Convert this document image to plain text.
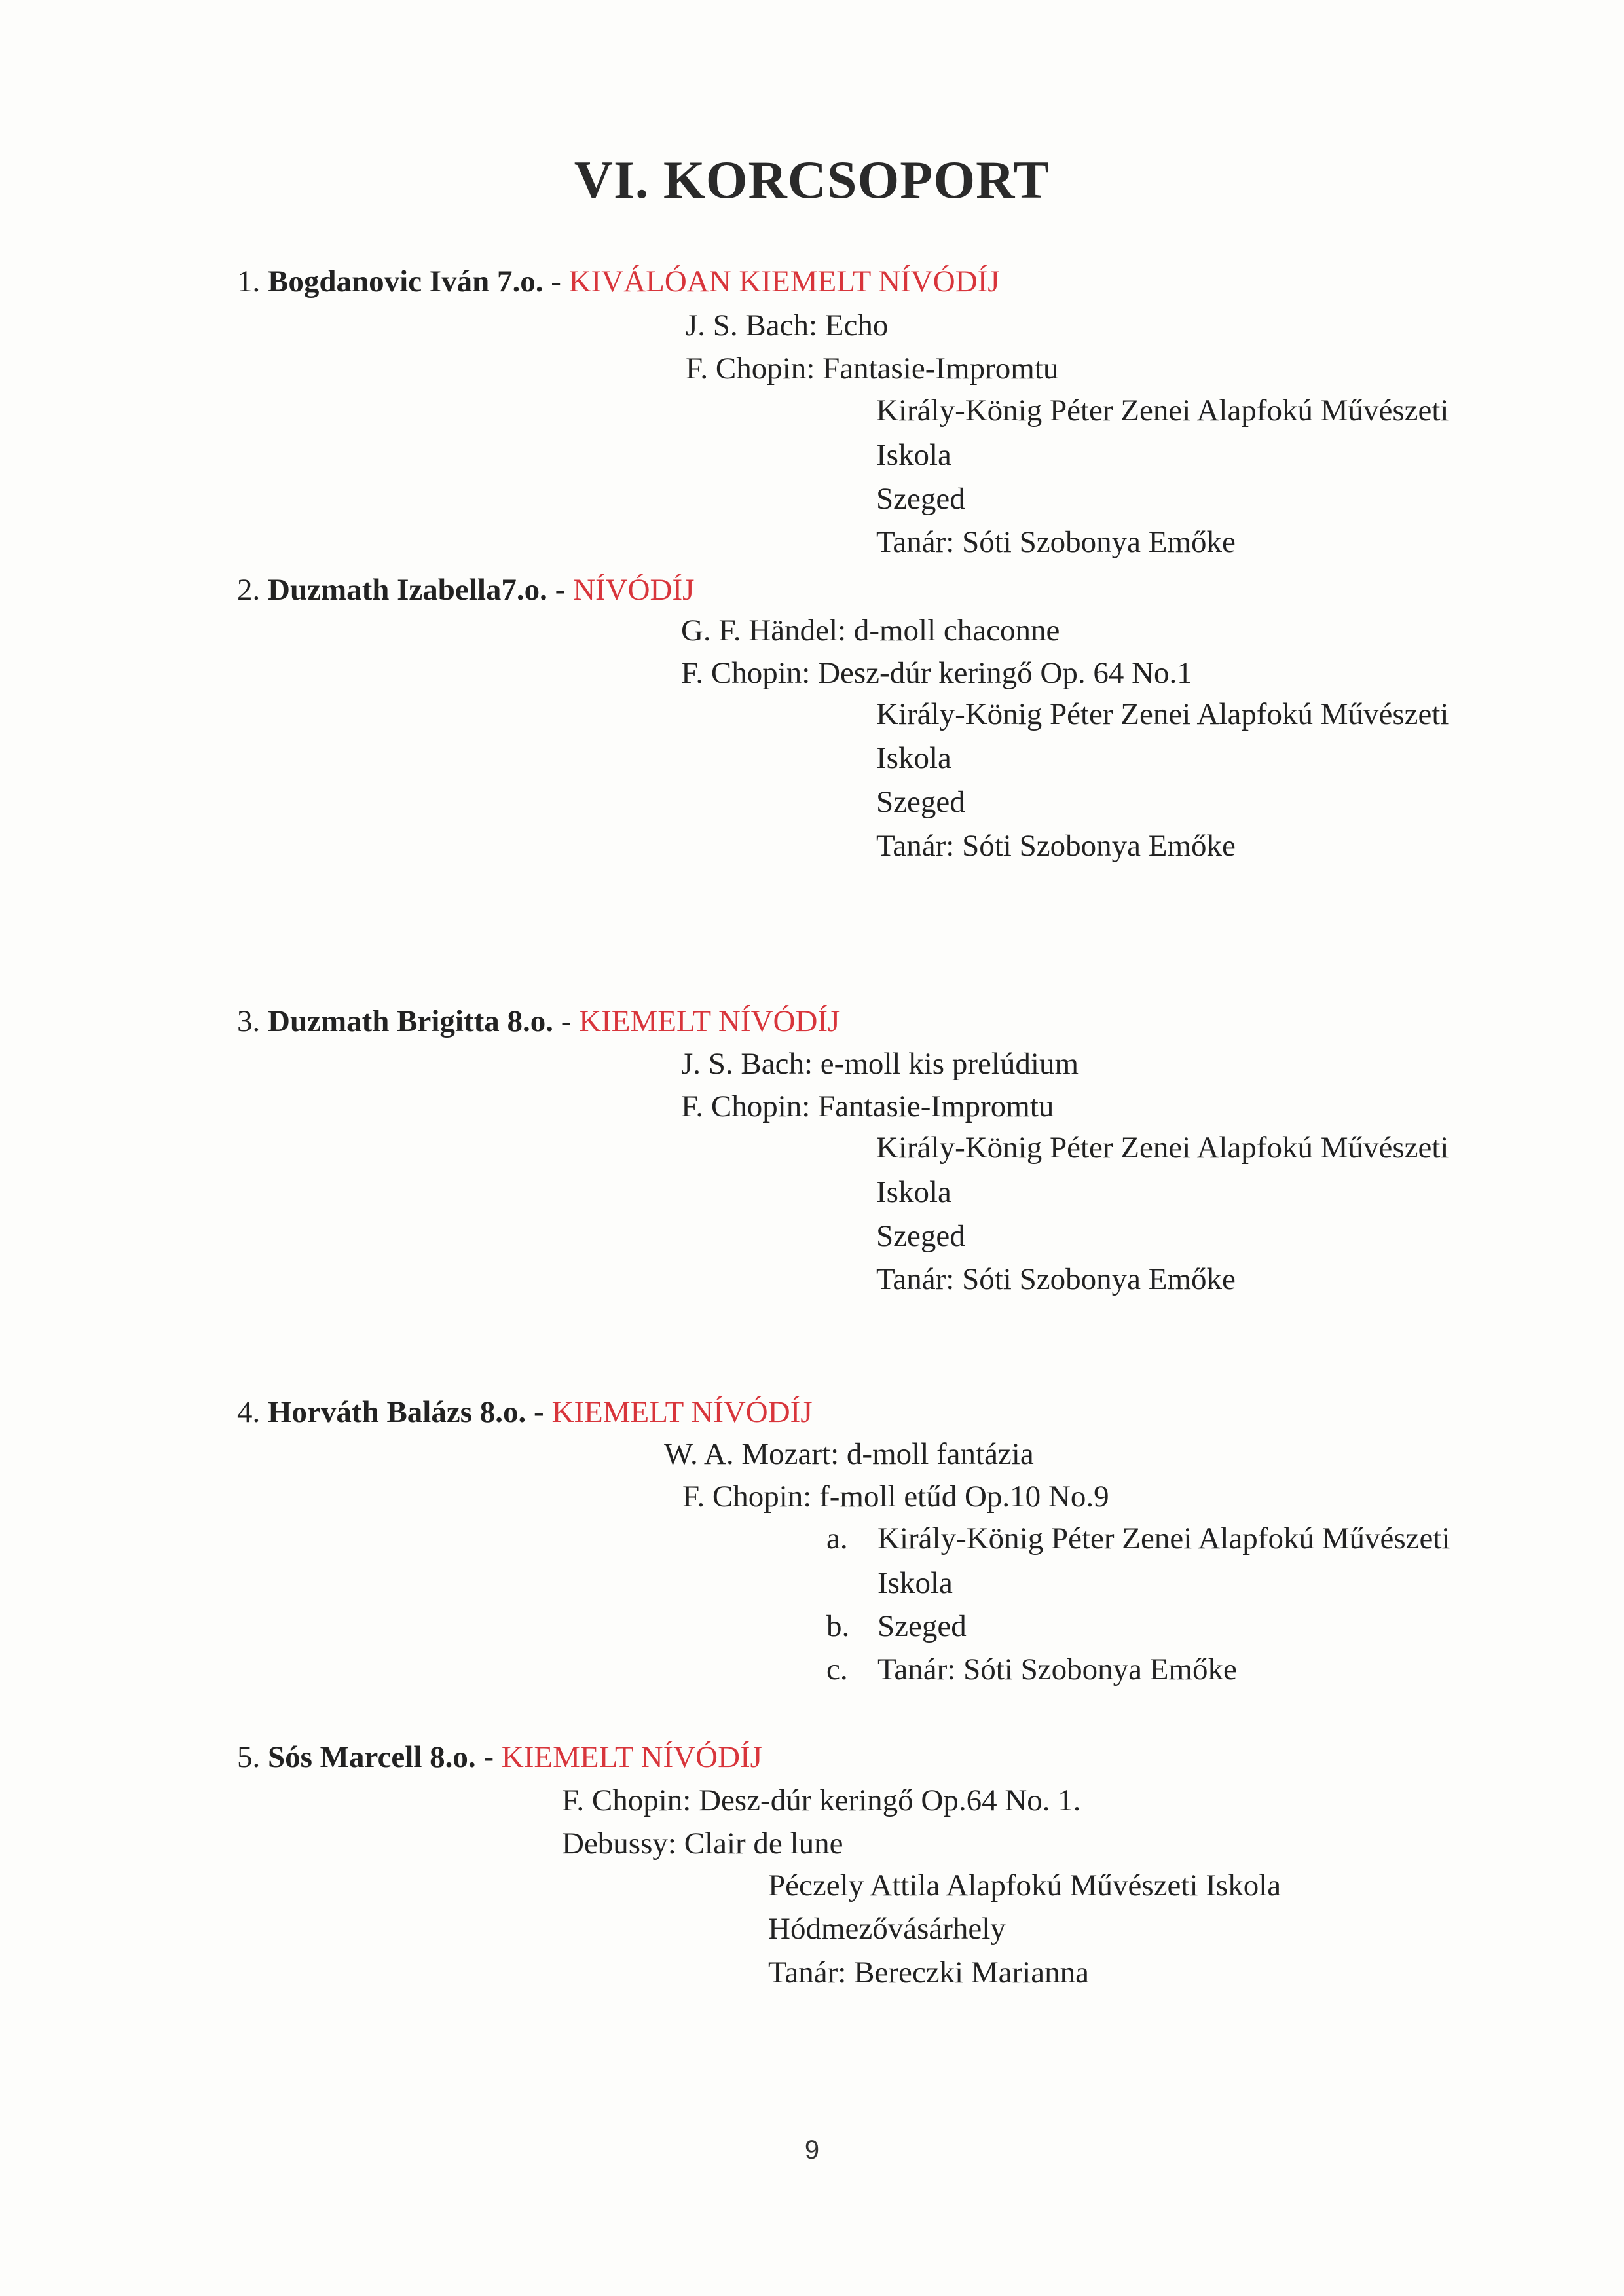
VI. KORCSOPORT
1. Bogdanovic Iván 7.o. - KIVÁLÓAN KIEMELT NÍVÓDÍJ
J. S. Bach: Echo
F. Chopin: Fantasie-Impromtu
Király-König Péter Zenei Alapfokú Művészeti
Iskola
Szeged
Tanár: Sóti Szobonya Emőke
2. Duzmath Izabella7.o. - NÍVÓDÍJ
G. F. Händel: d-moll chaconne
F. Chopin: Desz-dúr keringő Op. 64 No.1
Király-König Péter Zenei Alapfokú Művészeti
Iskola
Szeged
Tanár: Sóti Szobonya Emőke
3. Duzmath Brigitta 8.o. - KIEMELT NÍVÓDÍJ
J. S. Bach: e-moll kis prelúdium
F. Chopin: Fantasie-Impromtu
Király-König Péter Zenei Alapfokú Művészeti
Iskola
Szeged
Tanár: Sóti Szobonya Emőke
4. Horváth Balázs 8.o. - KIEMELT NÍVÓDÍJ
W. A. Mozart: d-moll fantázia
F. Chopin: f-moll etűd Op.10 No.9
a. Király-König Péter Zenei Alapfokú Művészeti
Iskola
b. Szeged
c. Tanár: Sóti Szobonya Emőke
5. Sós Marcell 8.o. - KIEMELT NÍVÓDÍJ
F. Chopin: Desz-dúr keringő Op.64 No. 1.
Debussy: Clair de lune
Péczely Attila Alapfokú Művészeti Iskola
Hódmezővásárhely
Tanár: Bereczki Marianna
9
